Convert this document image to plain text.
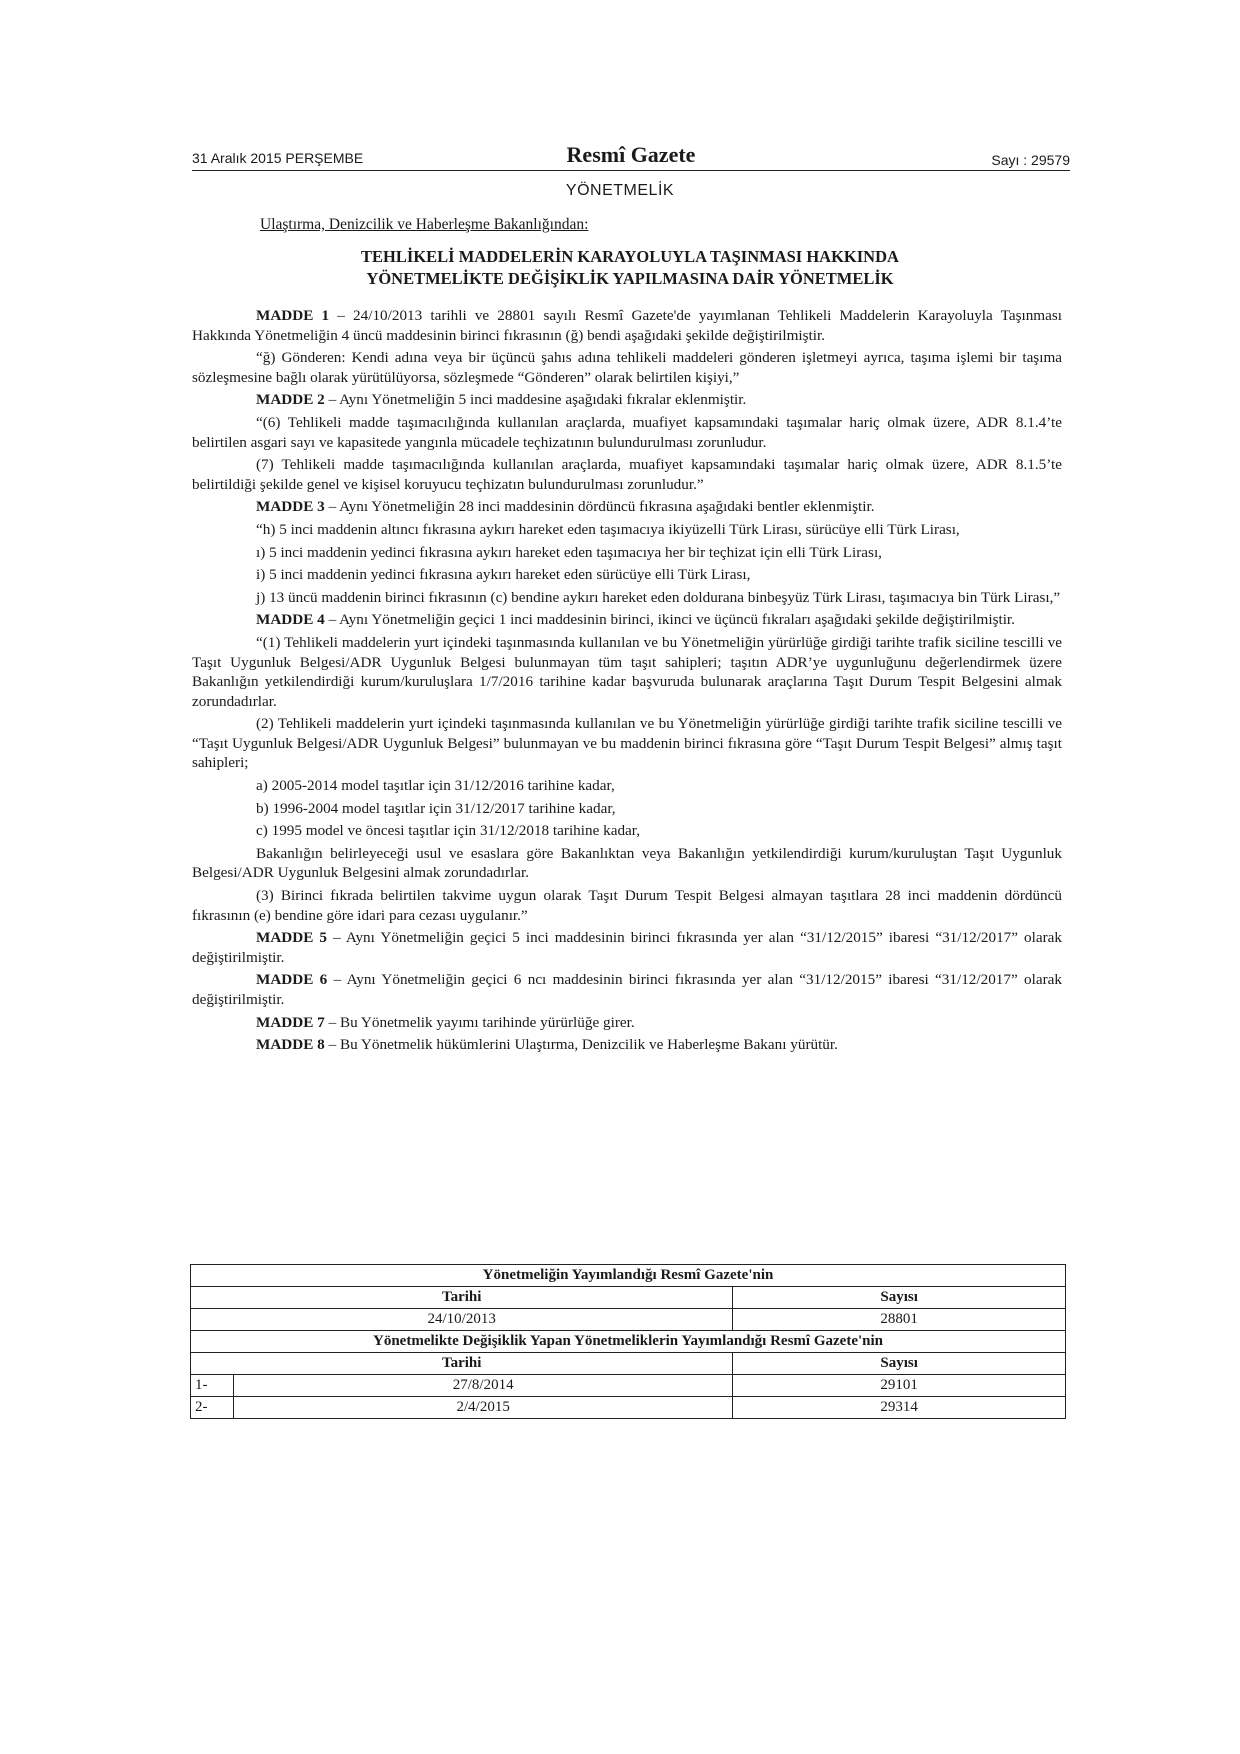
31 Aralık 2015 PERŞEMBE	Resmî Gazete	Sayı : 29579
YÖNETMELİK
Ulaştırma, Denizcilik ve Haberleşme Bakanlığından:
TEHLİKELİ MADDELERİN KARAYOLUYLA TAŞINMASI HAKKINDA
YÖNETMELİKTE DEĞİŞİKLİK YAPILMASINA DAİR YÖNETMELİK

MADDE 1 – 24/10/2013 tarihli ve 28801 sayılı Resmî Gazete'de yayımlanan Tehlikeli Maddelerin Karayoluyla Taşınması Hakkında Yönetmeliğin 4 üncü maddesinin birinci fıkrasının (ğ) bendi aşağıdaki şekilde değiştirilmiştir.

“ğ) Gönderen: Kendi adına veya bir üçüncü şahıs adına tehlikeli maddeleri gönderen işletmeyi ayrıca, taşıma işlemi bir taşıma sözleşmesine bağlı olarak yürütülüyorsa, sözleşmede “Gönderen” olarak belirtilen kişiyi,”

MADDE 2 – Aynı Yönetmeliğin 5 inci maddesine aşağıdaki fıkralar eklenmiştir.

“(6) Tehlikeli madde taşımacılığında kullanılan araçlarda, muafiyet kapsamındaki taşımalar hariç olmak üzere, ADR 8.1.4’te belirtilen asgari sayı ve kapasitede yangınla mücadele teçhizatının bulundurulması zorunludur.

(7) Tehlikeli madde taşımacılığında kullanılan araçlarda, muafiyet kapsamındaki taşımalar hariç olmak üzere, ADR 8.1.5’te belirtildiği şekilde genel ve kişisel koruyucu teçhizatın bulundurulması zorunludur.”

MADDE 3 – Aynı Yönetmeliğin 28 inci maddesinin dördüncü fıkrasına aşağıdaki bentler eklenmiştir.

“h) 5 inci maddenin altıncı fıkrasına aykırı hareket eden taşımacıya ikiyüzelli Türk Lirası, sürücüye elli Türk Lirası,

ı) 5 inci maddenin yedinci fıkrasına aykırı hareket eden taşımacıya her bir teçhizat için elli Türk Lirası,

i) 5 inci maddenin yedinci fıkrasına aykırı hareket eden sürücüye elli Türk Lirası,

j) 13 üncü maddenin birinci fıkrasının (c) bendine aykırı hareket eden doldurana binbeşyüz Türk Lirası, taşımacıya bin Türk Lirası,”

MADDE 4 – Aynı Yönetmeliğin geçici 1 inci maddesinin birinci, ikinci ve üçüncü fıkraları aşağıdaki şekilde değiştirilmiştir.

“(1) Tehlikeli maddelerin yurt içindeki taşınmasında kullanılan ve bu Yönetmeliğin yürürlüğe girdiği tarihte trafik siciline tescilli ve Taşıt Uygunluk Belgesi/ADR Uygunluk Belgesi bulunmayan tüm taşıt sahipleri; taşıtın ADR’ye uygunluğunu değerlendirmek üzere Bakanlığın yetkilendirdiği kurum/kuruluşlara 1/7/2016 tarihine kadar başvuruda bulunarak araçlarına Taşıt Durum Tespit Belgesini almak zorundadırlar.

(2) Tehlikeli maddelerin yurt içindeki taşınmasında kullanılan ve bu Yönetmeliğin yürürlüğe girdiği tarihte trafik siciline tescilli ve “Taşıt Uygunluk Belgesi/ADR Uygunluk Belgesi” bulunmayan ve bu maddenin birinci fıkrasına göre “Taşıt Durum Tespit Belgesi” almış taşıt sahipleri;

a) 2005-2014 model taşıtlar için 31/12/2016 tarihine kadar,

b) 1996-2004 model taşıtlar için 31/12/2017 tarihine kadar,

c) 1995 model ve öncesi taşıtlar için 31/12/2018 tarihine kadar,

Bakanlığın belirleyeceği usul ve esaslara göre Bakanlıktan veya Bakanlığın yetkilendirdiği kurum/kuruluştan Taşıt Uygunluk Belgesi/ADR Uygunluk Belgesini almak zorundadırlar.

(3) Birinci fıkrada belirtilen takvime uygun olarak Taşıt Durum Tespit Belgesi almayan taşıtlara 28 inci maddenin dördüncü fıkrasının (e) bendine göre idari para cezası uygulanır.”

MADDE 5 – Aynı Yönetmeliğin geçici 5 inci maddesinin birinci fıkrasında yer alan “31/12/2015” ibaresi “31/12/2017” olarak değiştirilmiştir.

MADDE 6 – Aynı Yönetmeliğin geçici 6 ncı maddesinin birinci fıkrasında yer alan “31/12/2015” ibaresi “31/12/2017” olarak değiştirilmiştir.

MADDE 7 – Bu Yönetmelik yayımı tarihinde yürürlüğe girer.

MADDE 8 – Bu Yönetmelik hükümlerini Ulaştırma, Denizcilik ve Haberleşme Bakanı yürütür.

Yönetmeliğin Yayımlandığı Resmî Gazete'nin		
Tarihi		Sayısı
24/10/2013		28801
Yönetmelikte Değişiklik Yapan Yönetmeliklerin Yayımlandığı Resmî Gazete'nin		
Tarihi		Sayısı
1-	27/8/2014	29101
2-	2/4/2015	29314
